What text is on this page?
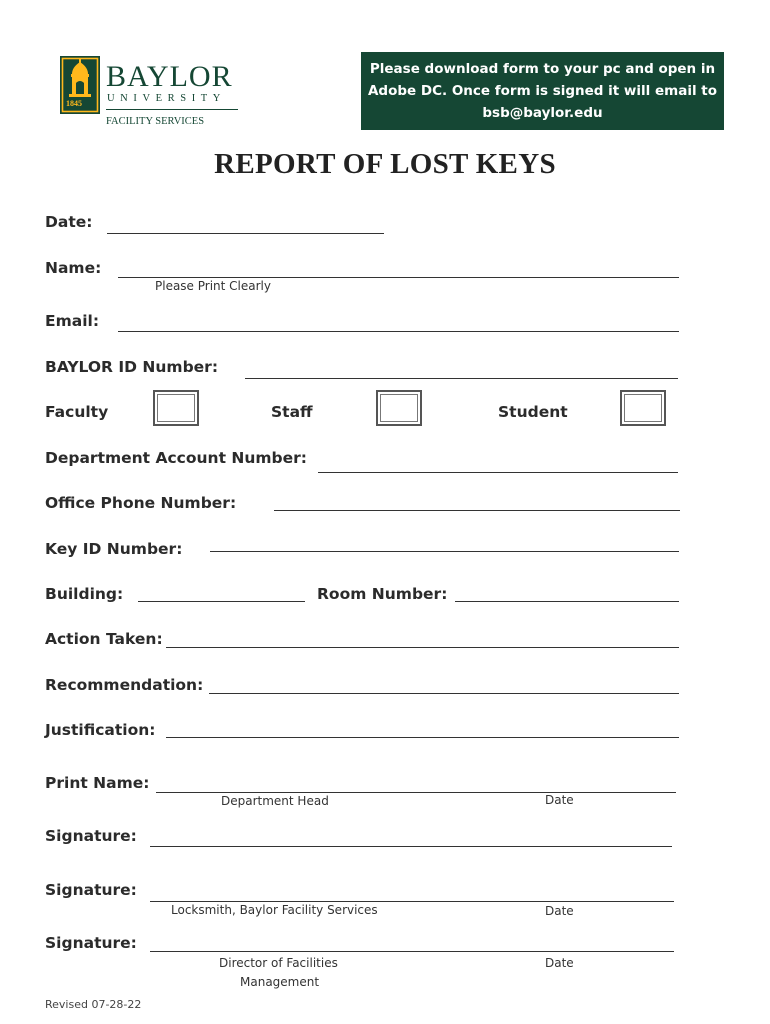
1845
BAYLOR
UNIVERSITY
FACILITY SERVICES
Please download form to your pc and open in
Adobe DC. Once form is signed it will email to
bsb@baylor.edu
REPORT OF LOST KEYS
Date:
Name:
Please Print Clearly
Email:
BAYLOR ID Number:
Faculty	Staff	Student
Department Account Number:
Office Phone Number:
Key ID Number:
Building:	Room Number:
Action Taken:
Recommendation:
Justification:
Print Name:
Department Head	Date
Signature:
Signature:
Locksmith, Baylor Facility Services	Date
Signature:
Director of Facilities
Management
Date
Revised 07-28-22
